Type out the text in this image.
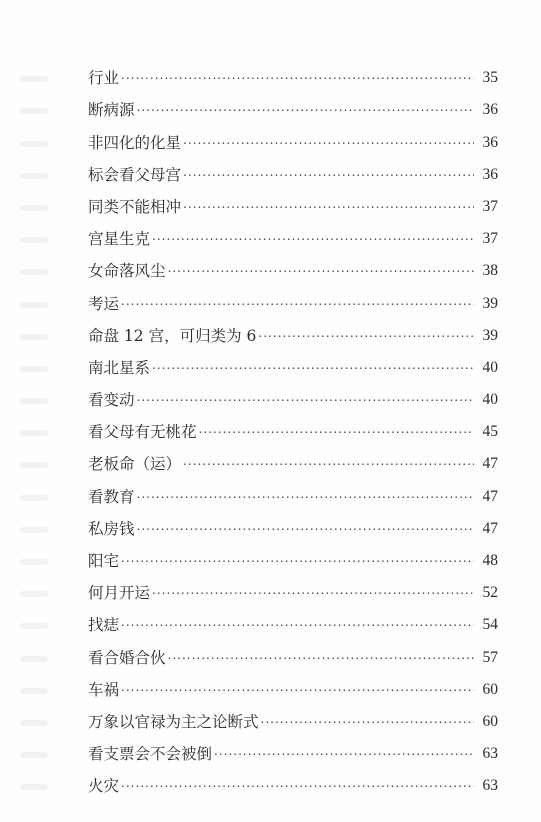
行业 .....	35
断病源 .....	36
非四化的化星 .....	36
标会看父母宫 .....	36
同类不能相冲 .....	37
宫星生克 .....	37
女命落风尘 .....	38
考运 .....	39
命盘 12 宫，可归类为 6 .....	39
南北星系 .....	40
看变动 .....	40
看父母有无桃花 .....	45
老板命（运） .....	47
看教育 .....	47
私房钱 .....	47
阳宅 .....	48
何月开运 .....	52
找痣 .....	54
看合婚合伙 .....	57
车祸 .....	60
万象以官禄为主之论断式 .....	60
看支票会不会被倒 .....	63
火灾 .....	63
